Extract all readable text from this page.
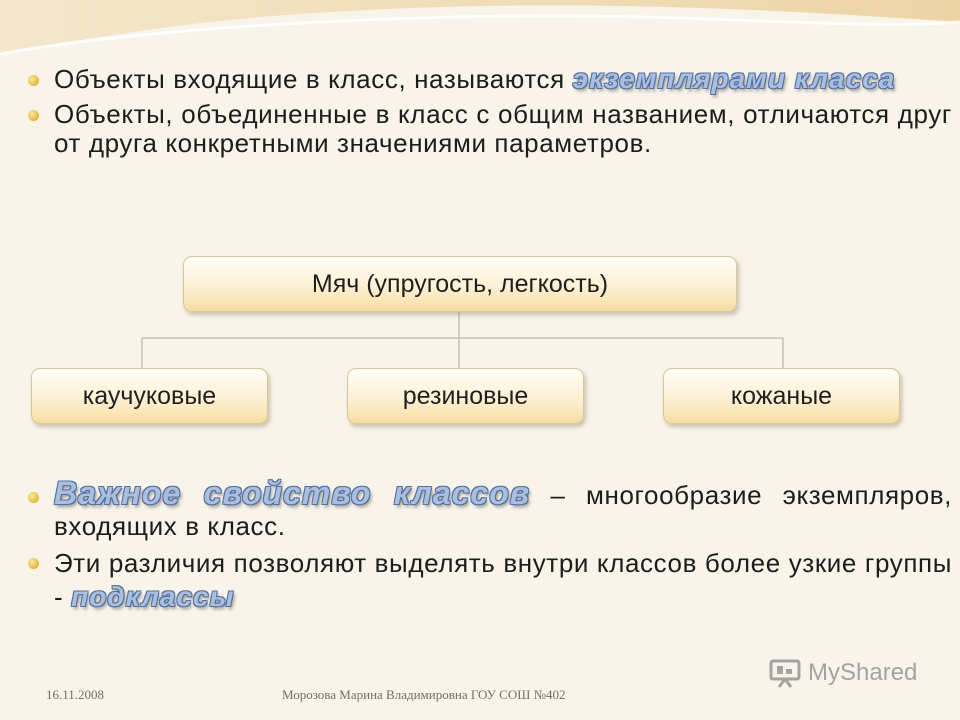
Объекты входящие в класс, называются экземплярами класса
Объекты, объединенные в класс с общим названием, отличаются друг от друга конкретными значениями параметров.
Мяч (упругость, легкость)
каучуковые	резиновые	кожаные
Важное свойство классов – многообразие экземпляров, входящих в класс.
Эти различия позволяют выделять внутри классов более узкие группы - подклассы
16.11.2008	Морозова Марина Владимировна ГОУ СОШ №402
MyShared
